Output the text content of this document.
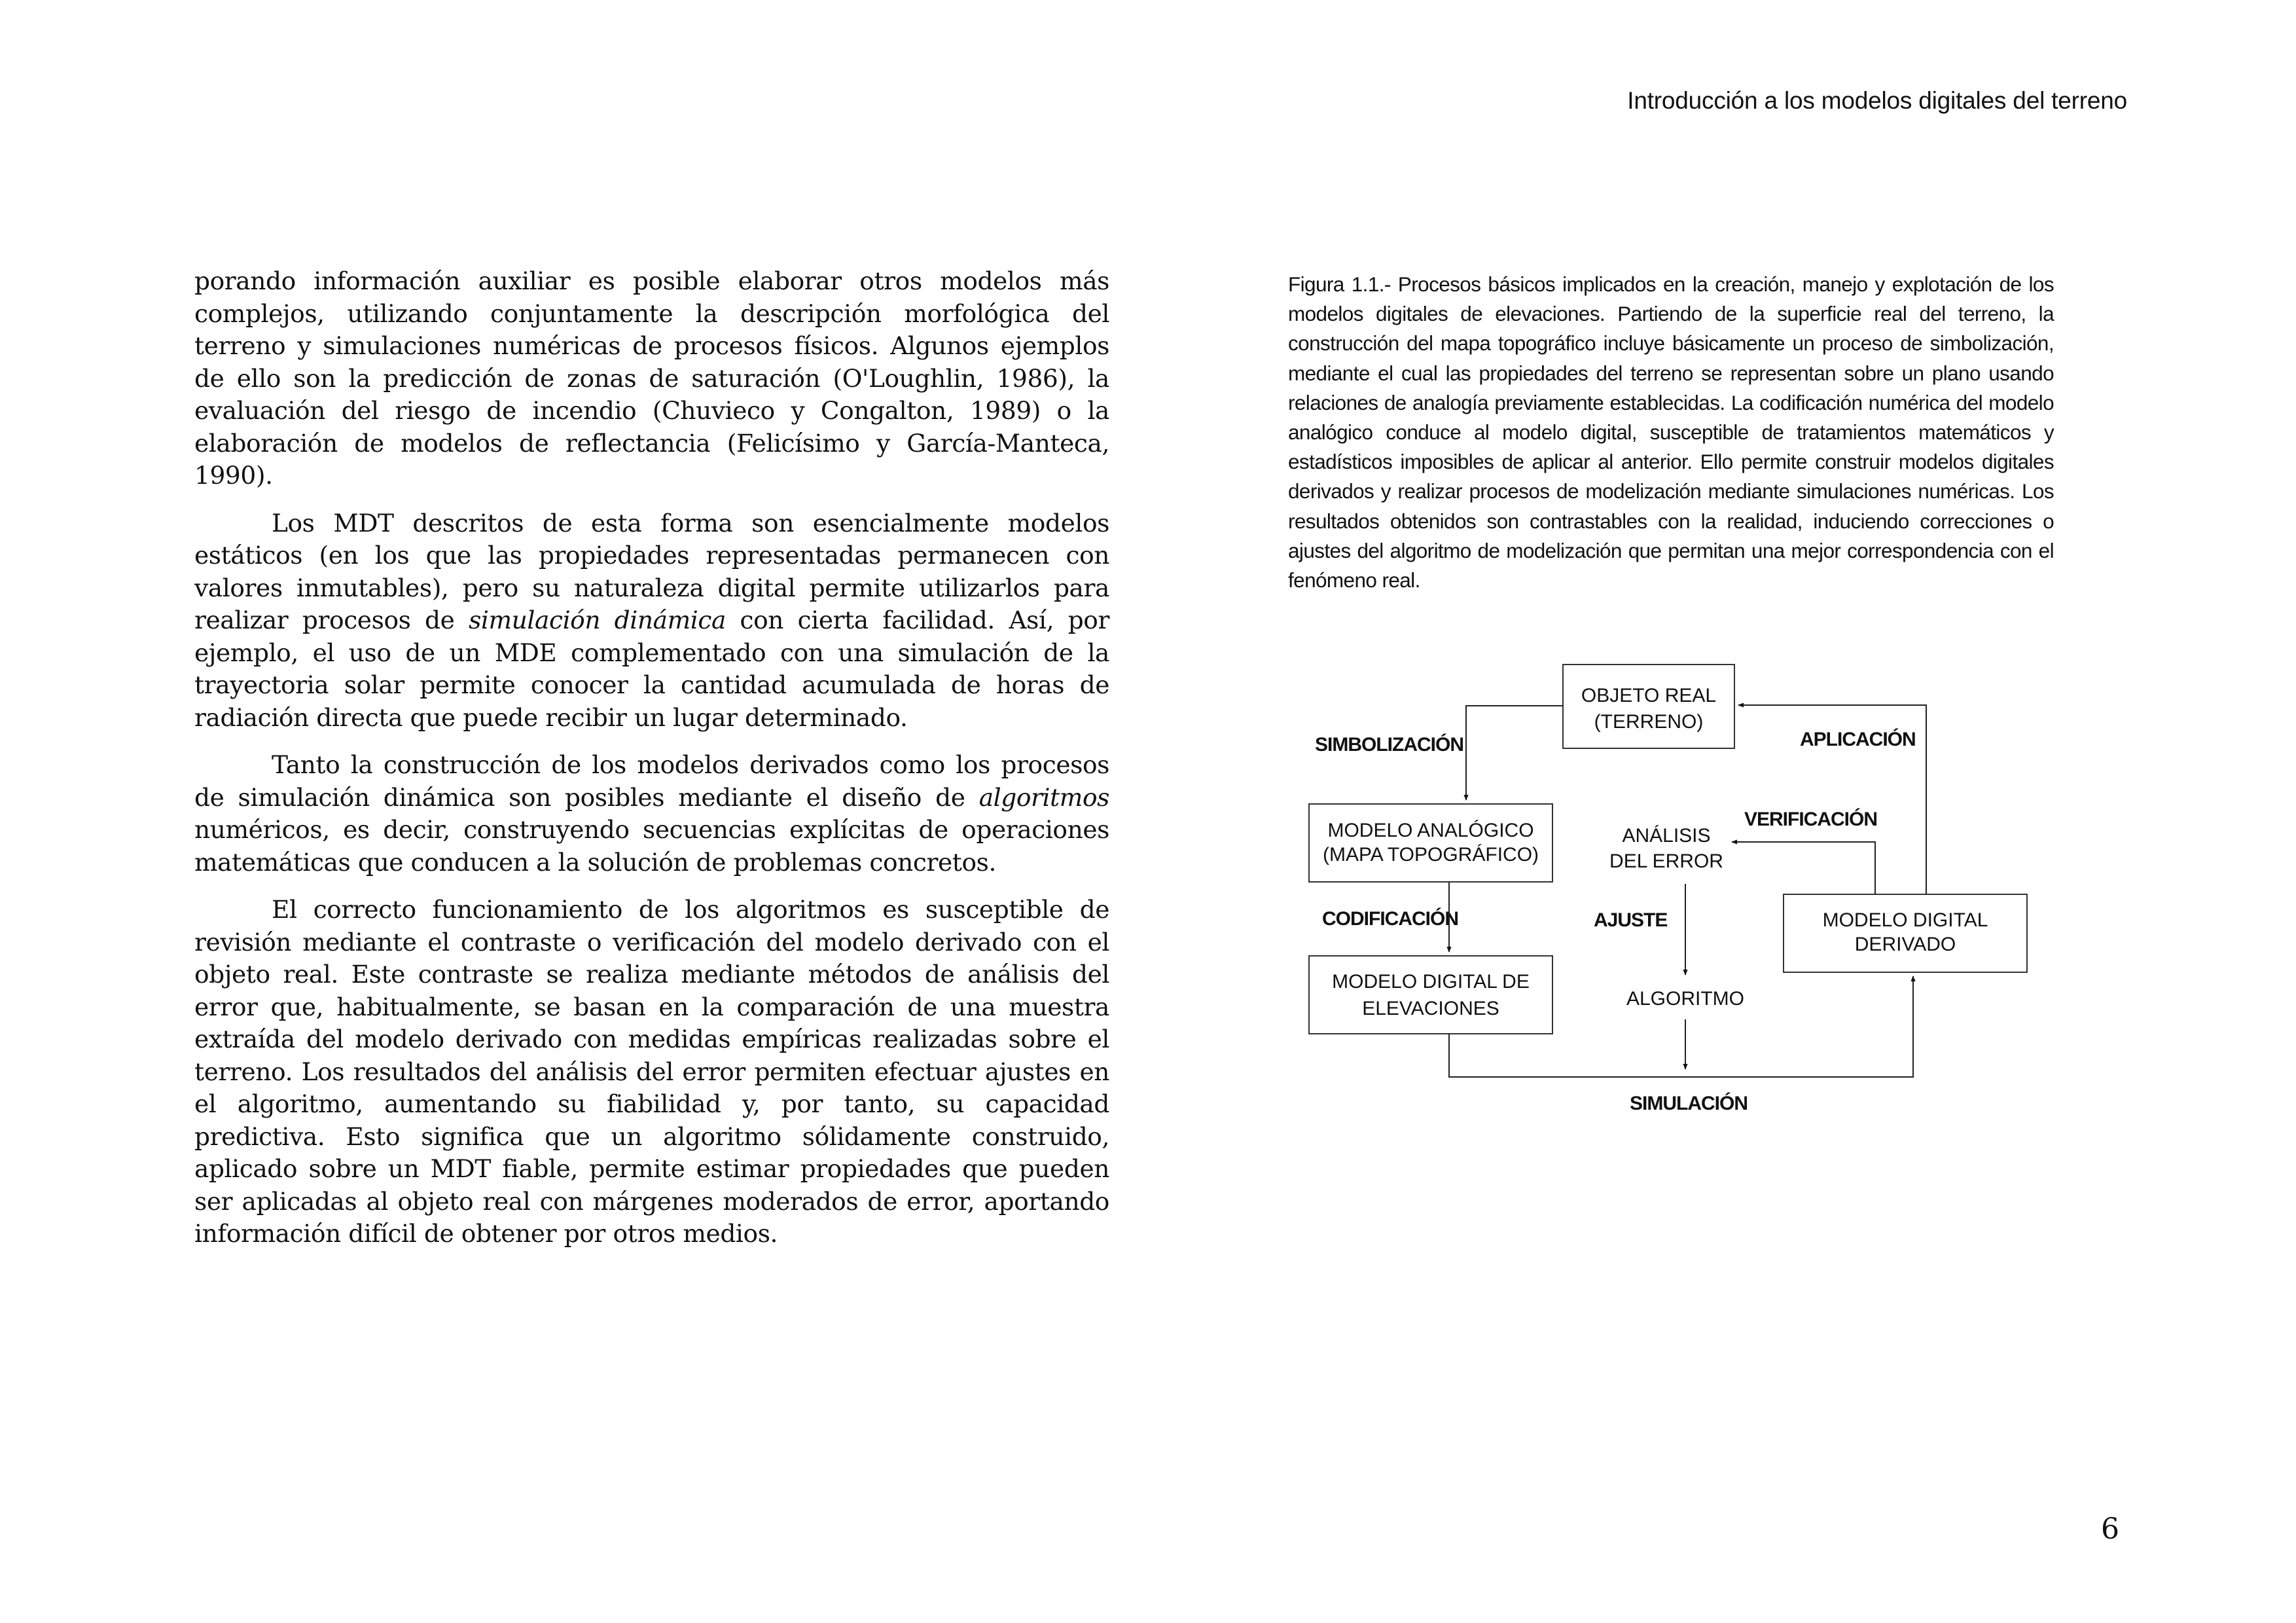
Introducción a los modelos digitales del terreno

porando información auxiliar es posible elaborar otros modelos más complejos, utilizando conjuntamente la descripción morfológica del terreno y simulaciones numéricas de procesos físicos. Algunos ejemplos de ello son la predicción de zonas de saturación (O'Loughlin, 1986), la evaluación del riesgo de incendio (Chuvieco y Congalton, 1989) o la elaboración de modelos de reflectancia (Felicísimo y García-Manteca, 1990).

Los MDT descritos de esta forma son esencialmente modelos estáticos (en los que las propiedades representadas permanecen con valores inmutables), pero su naturaleza digital permite utilizarlos para realizar procesos de simulación dinámica con cierta facilidad. Así, por ejemplo, el uso de un MDE complementado con una simulación de la trayectoria solar permite conocer la cantidad acumulada de horas de radiación directa que puede recibir un lugar determinado.

Tanto la construcción de los modelos derivados como los procesos de simulación dinámica son posibles mediante el diseño de algoritmos numéricos, es decir, construyendo secuencias explícitas de operaciones matemáticas que conducen a la solución de problemas concretos.

El correcto funcionamiento de los algoritmos es susceptible de revisión mediante el contraste o verificación del modelo derivado con el objeto real. Este contraste se realiza mediante métodos de análisis del error que, habitualmente, se basan en la comparación de una muestra extraída del modelo derivado con medidas empíricas realizadas sobre el terreno. Los resultados del análisis del error permiten efectuar ajustes en el algoritmo, aumentando su fiabilidad y, por tanto, su capacidad predictiva. Esto significa que un algoritmo sólidamente construido, aplicado sobre un MDT fiable, permite estimar propiedades que pueden ser aplicadas al objeto real con márgenes moderados de error, aportando información difícil de obtener por otros medios.

Figura 1.1.- Procesos básicos implicados en la creación, manejo y explotación de los modelos digitales de elevaciones. Partiendo de la superficie real del terreno, la construcción del mapa topográfico incluye básicamente un proceso de simbolización, mediante el cual las propiedades del terreno se representan sobre un plano usando relaciones de analogía previamente establecidas. La codificación numérica del modelo analógico conduce al modelo digital, susceptible de tratamientos matemáticos y estadísticos imposibles de aplicar al anterior. Ello permite construir modelos digitales derivados y realizar procesos de modelización mediante simulaciones numéricas. Los resultados obtenidos son contrastables con la realidad, induciendo correcciones o ajustes del algoritmo de modelización que permitan una mejor correspondencia con el fenómeno real.
OBJETO REAL
(TERRENO)
MODELO ANALÓGICO
(MAPA TOPOGRÁFICO)
MODELO DIGITAL DE
ELEVACIONES
MODELO DIGITAL
DERIVADO
ANÁLISIS
DEL ERROR
ALGORITMO
SIMBOLIZACIÓN	APLICACIÓN
VERIFICACIÓN
CODIFICACIÓN	AJUSTE
SIMULACIÓN
6
